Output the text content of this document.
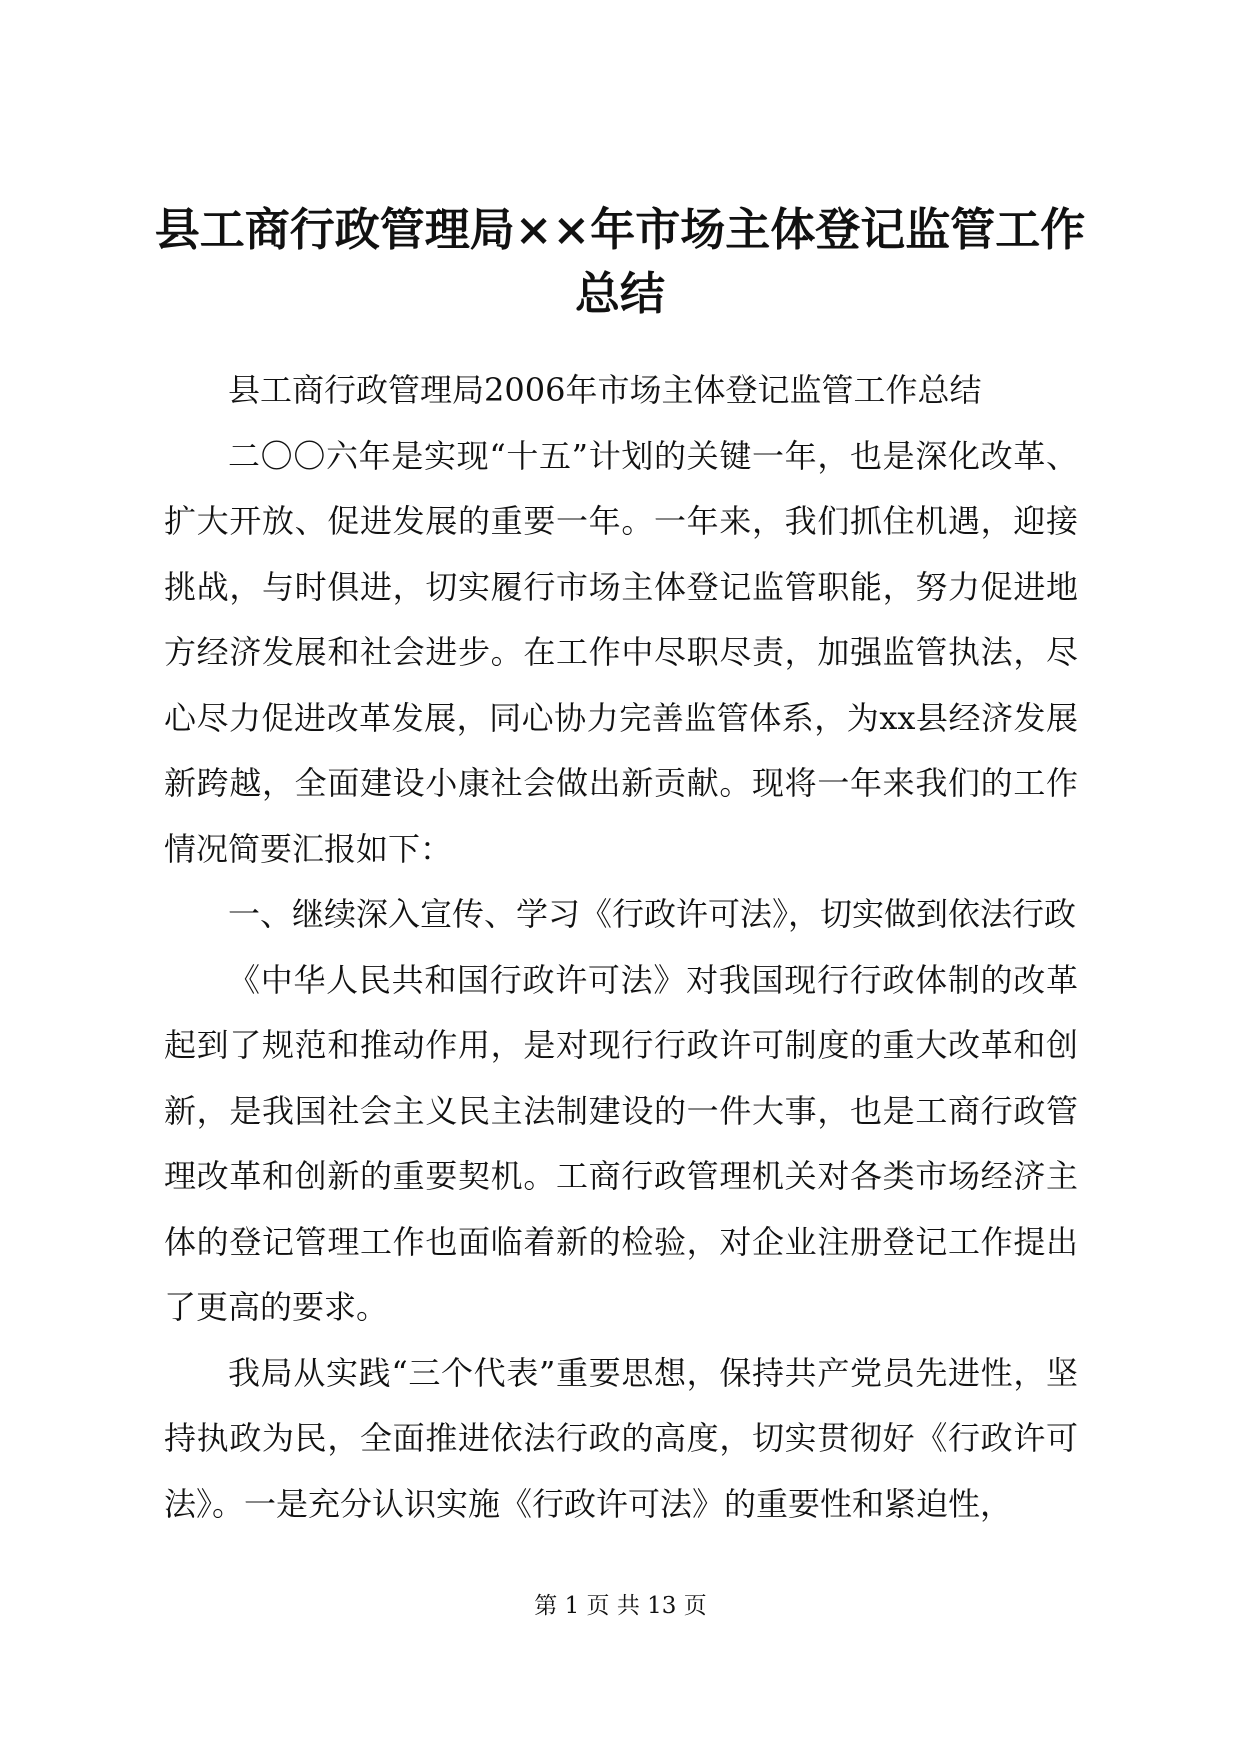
县工商行政管理局××年市场主体登记监管工作总结

县工商行政管理局2006年市场主体登记监管工作总结

二〇〇六年是实现“十五”计划的关键一年，也是深化改革、扩大开放、促进发展的重要一年。一年来，我们抓住机遇，迎接挑战，与时俱进，切实履行市场主体登记监管职能，努力促进地方经济发展和社会进步。在工作中尽职尽责，加强监管执法，尽心尽力促进改革发展，同心协力完善监管体系，为xx县经济发展新跨越，全面建设小康社会做出新贡献。现将一年来我们的工作情况简要汇报如下：

一、继续深入宣传、学习《行政许可法》，切实做到依法行政

《中华人民共和国行政许可法》对我国现行行政体制的改革起到了规范和推动作用，是对现行行政许可制度的重大改革和创新，是我国社会主义民主法制建设的一件大事，也是工商行政管理改革和创新的重要契机。工商行政管理机关对各类市场经济主体的登记管理工作也面临着新的检验，对企业注册登记工作提出了更高的要求。

我局从实践“三个代表”重要思想，保持共产党员先进性，坚持执政为民，全面推进依法行政的高度，切实贯彻好《行政许可法》。一是充分认识实施《行政许可法》的重要性和紧迫性，

第 1 页 共 13 页
